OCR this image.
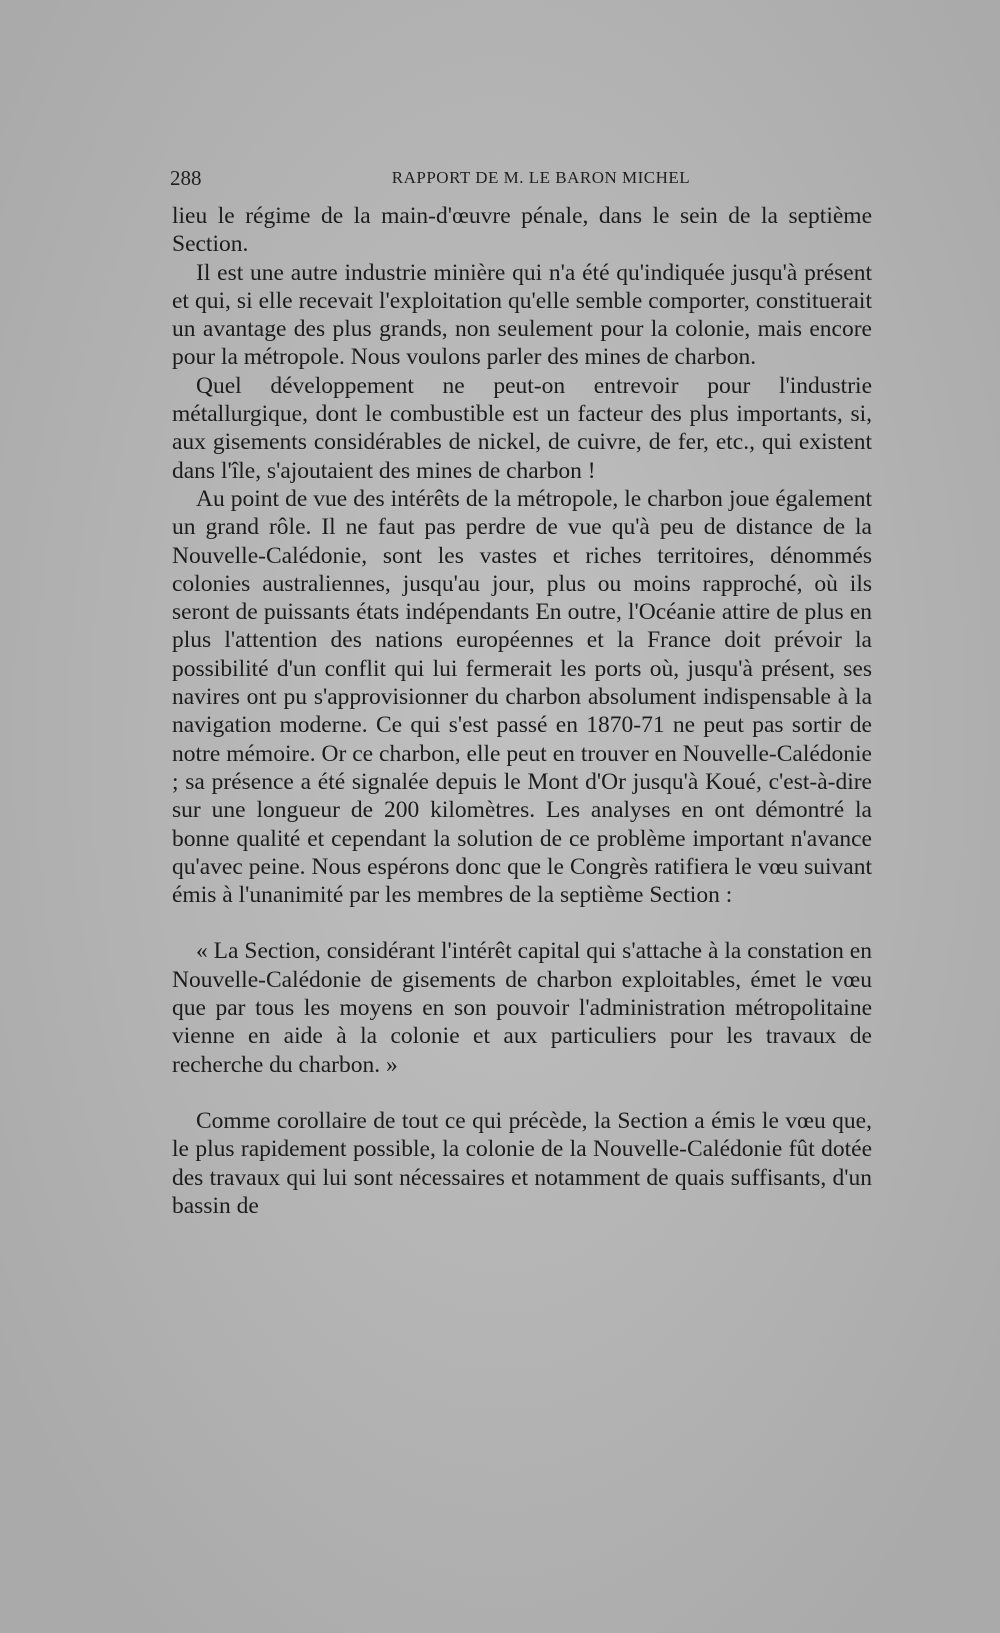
288	RAPPORT DE M. LE BARON MICHEL

lieu le régime de la main-d'œuvre pénale, dans le sein de la septième Section.

Il est une autre industrie minière qui n'a été qu'indiquée jusqu'à présent et qui, si elle recevait l'exploitation qu'elle semble comporter, constituerait un avantage des plus grands, non seulement pour la colonie, mais encore pour la métropole. Nous voulons parler des mines de charbon.

Quel développement ne peut-on entrevoir pour l'industrie métallurgique, dont le combustible est un facteur des plus importants, si, aux gisements considérables de nickel, de cuivre, de fer, etc., qui existent dans l'île, s'ajoutaient des mines de charbon !

Au point de vue des intérêts de la métropole, le charbon joue également un grand rôle. Il ne faut pas perdre de vue qu'à peu de distance de la Nouvelle-Calédonie, sont les vastes et riches territoires, dénommés colonies australiennes, jusqu'au jour, plus ou moins rapproché, où ils seront de puissants états indépendants En outre, l'Océanie attire de plus en plus l'attention des nations européennes et la France doit prévoir la possibilité d'un conflit qui lui fermerait les ports où, jusqu'à présent, ses navires ont pu s'approvisionner du charbon absolument indispensable à la navigation moderne. Ce qui s'est passé en 1870-71 ne peut pas sortir de notre mémoire. Or ce charbon, elle peut en trouver en Nouvelle-Calédonie ; sa présence a été signalée depuis le Mont d'Or jusqu'à Koué, c'est-à-dire sur une longueur de 200 kilomètres. Les analyses en ont démontré la bonne qualité et cependant la solution de ce problème important n'avance qu'avec peine. Nous espérons donc que le Congrès ratifiera le vœu suivant émis à l'unanimité par les membres de la septième Section :

« La Section, considérant l'intérêt capital qui s'attache à la constation en Nouvelle-Calédonie de gisements de charbon exploitables, émet le vœu que par tous les moyens en son pouvoir l'administration métropolitaine vienne en aide à la colonie et aux particuliers pour les travaux de recherche du charbon. »

Comme corollaire de tout ce qui précède, la Section a émis le vœu que, le plus rapidement possible, la colonie de la Nouvelle-Calédonie fût dotée des travaux qui lui sont nécessaires et notamment de quais suffisants, d'un bassin de
